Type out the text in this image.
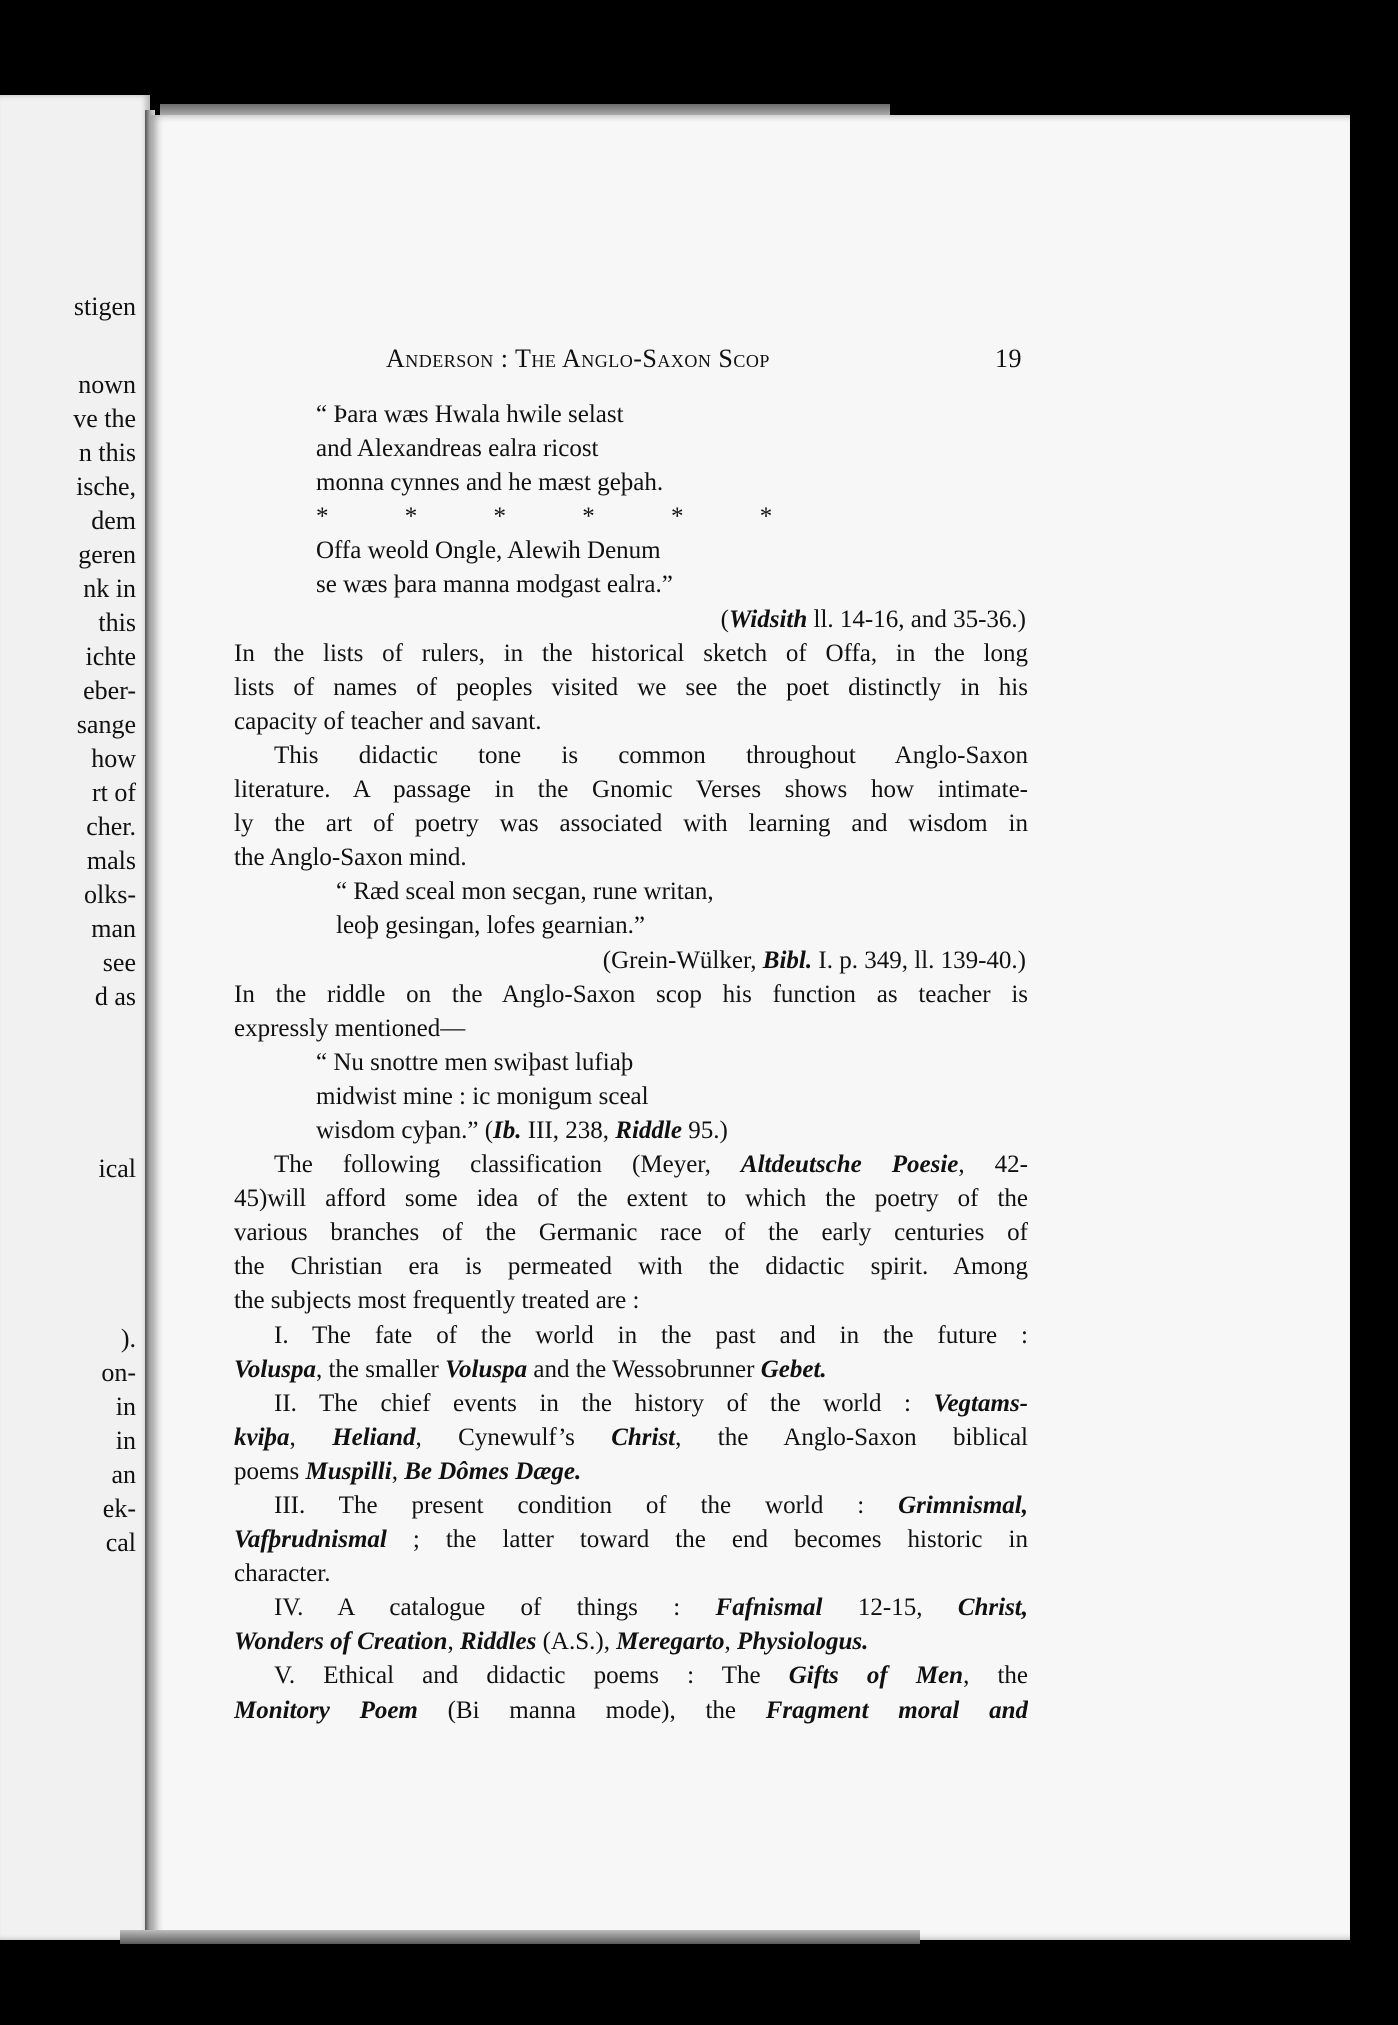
stigen
nown
ve the
n this
ische,
dem
geren
nk in
this
ichte
eber-
sange
how
rt of
cher.
mals
olks-
man
see
d as
ical
).
on-
in
in
an
ek-
cal
Anderson : The Anglo-Saxon Scop	19
“ Þara wæs Hwala hwile selast
and Alexandreas ealra ricost
monna cynnes and he mæst geþah.
* * * * * *
Offa weold Ongle, Alewih Denum
se wæs þara manna modgast ealra.”
(Widsith ll. 14-16, and 35-36.)
In the lists of rulers, in the historical sketch of Offa, in the long
lists of names of peoples visited we see the poet distinctly in his
capacity of teacher and savant.
This didactic tone is common throughout Anglo-Saxon
literature. A passage in the Gnomic Verses shows how intimate-
ly the art of poetry was associated with learning and wisdom in
the Anglo-Saxon mind.
“ Ræd sceal mon secgan, rune writan,
leoþ gesingan, lofes gearnian.”
(Grein-Wülker, Bibl. I. p. 349, ll. 139-40.)
In the riddle on the Anglo-Saxon scop his function as teacher is
expressly mentioned—
“ Nu snottre men swiþast lufiaþ
midwist mine : ic monigum sceal
wisdom cyþan.” (Ib. III, 238, Riddle 95.)
The following classification (Meyer, Altdeutsche Poesie, 42-
45)will afford some idea of the extent to which the poetry of the
various branches of the Germanic race of the early centuries of
the Christian era is permeated with the didactic spirit. Among
the subjects most frequently treated are :
I. The fate of the world in the past and in the future :
Voluspa, the smaller Voluspa and the Wessobrunner Gebet.
II. The chief events in the history of the world : Vegtams-
kviþa, Heliand, Cynewulf’s Christ, the Anglo-Saxon biblical
poems Muspilli, Be Dômes Dæge.
III. The present condition of the world : Grimnismal,
Vafþrudnismal ; the latter toward the end becomes historic in
character.
IV. A catalogue of things : Fafnismal 12-15, Christ,
Wonders of Creation, Riddles (A.S.), Meregarto, Physiologus.
V. Ethical and didactic poems : The Gifts of Men, the
Monitory Poem (Bi manna mode), the Fragment moral and
